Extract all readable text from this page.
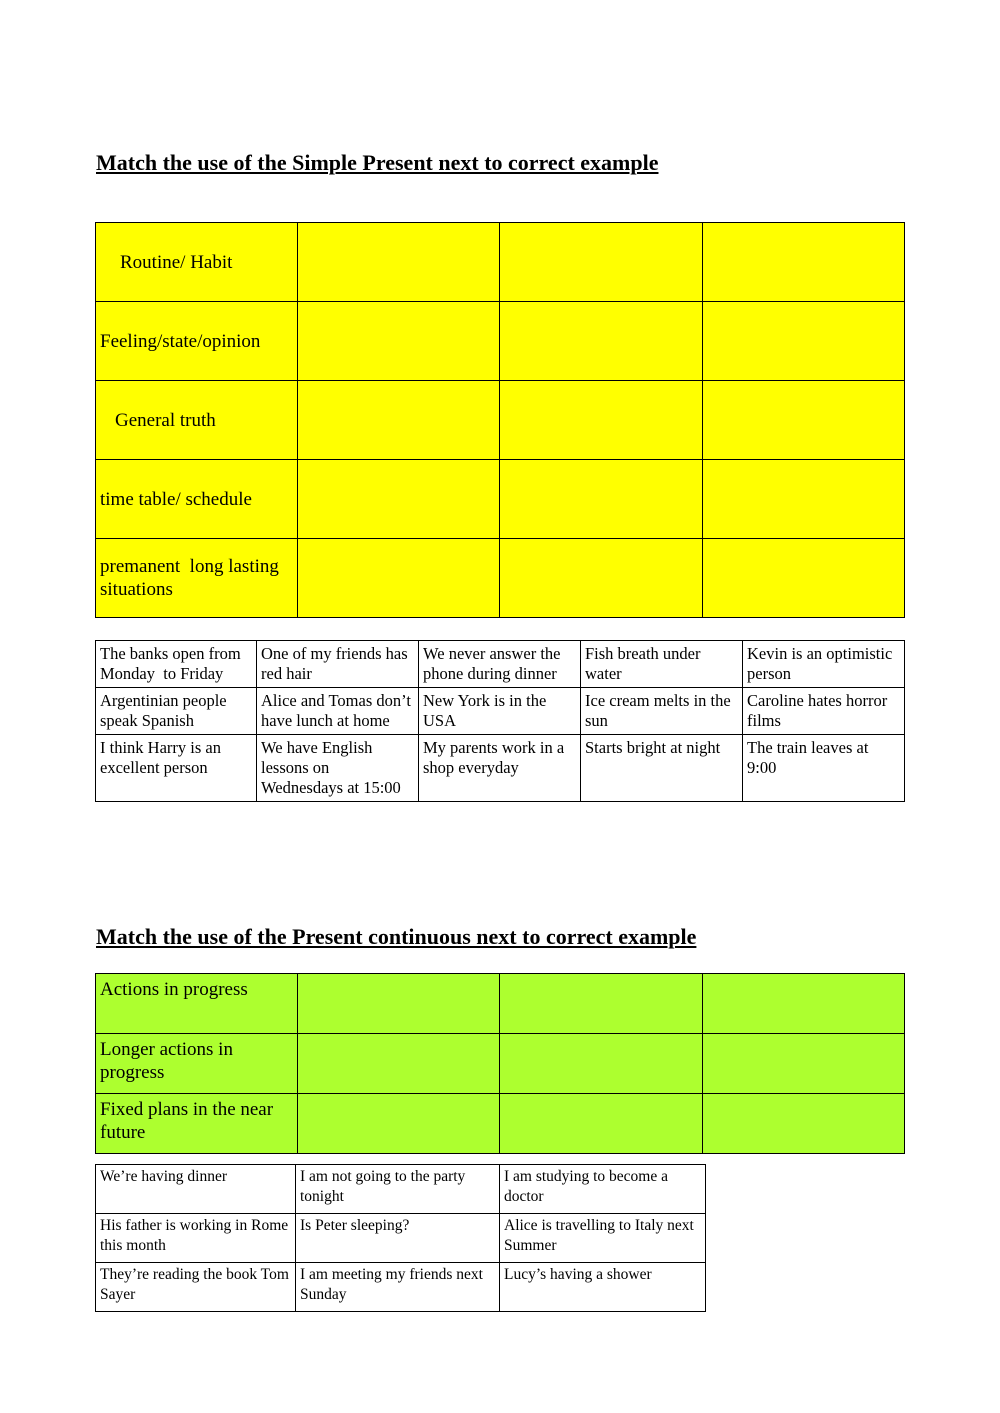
Match the use of the Simple Present next to correct example
Routine/ Habit			
Feeling/state/opinion			
General truth			
time table/ schedule			
premanent  long lasting situations			
The banks open from Monday  to Friday	One of my friends has red hair	We never answer the phone during dinner	Fish breath under water	Kevin is an optimistic person
Argentinian people speak Spanish	Alice and Tomas don’t have lunch at home	New York is in the USA	Ice cream melts in the sun	Caroline hates horror films
I think Harry is an excellent person	We have English lessons on Wednesdays at 15:00	My parents work in a shop everyday	Starts bright at night	The train leaves at 9:00
Match the use of the Present continuous next to correct example
Actions in progress			
Longer actions in progress			
Fixed plans in the near future			
We’re having dinner	I am not going to the party tonight	I am studying to become a doctor
His father is working in Rome this month	Is Peter sleeping?	Alice is travelling to Italy next Summer
They’re reading the book Tom Sayer	I am meeting my friends next Sunday	Lucy’s having a shower
